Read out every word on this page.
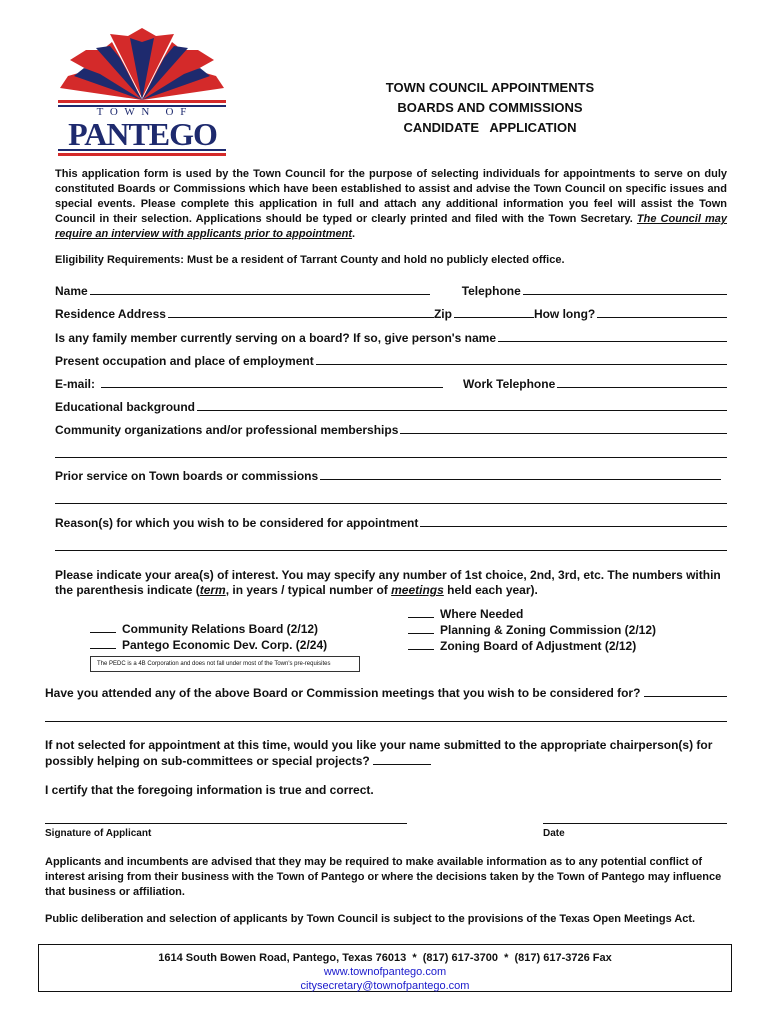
T O W N   O F
PANTEGO
TOWN COUNCIL APPOINTMENTS
BOARDS AND COMMISSIONS
CANDIDATE   APPLICATION
This application form is used by the Town Council for the purpose of selecting individuals for appointments to serve on duly constituted Boards or Commissions which have been established to assist and advise the Town Council on specific issues and special events. Please complete this application in full and attach any additional information you feel will assist the Town Council in their selection. Applications should be typed or clearly printed and filed with the Town Secretary. The Council may require an interview with applicants prior to appointment.
Eligibility Requirements: Must be a resident of Tarrant County and hold no publicly elected office.
Name	Telephone
Residence Address	Zip	How long?
Is any family member currently serving on a board? If so, give person's name
Present occupation and place of employment
E-mail:	Work Telephone
Educational background
Community organizations and/or professional memberships
Prior service on Town boards or commissions
Reason(s) for which you wish to be considered for appointment
Please indicate your area(s) of interest. You may specify any number of 1st choice, 2nd, 3rd, etc. The numbers within the parenthesis indicate (term, in years / typical number of meetings held each year).
Community Relations Board (2/12)
Pantego Economic Dev. Corp. (2/24)
Where Needed
Planning & Zoning Commission (2/12)
Zoning Board of Adjustment (2/12)
The PEDC is a 4B Corporation and does not fall under most of the Town's pre-requisites
Have you attended any of the above Board or Commission meetings that you wish to be considered for?
If not selected for appointment at this time, would you like your name submitted to the appropriate chairperson(s) for possibly helping on sub-committees or special projects?
I certify that the foregoing information is true and correct.
Signature of Applicant	Date
Applicants and incumbents are advised that they may be required to make available information as to any potential conflict of interest arising from their business with the Town of Pantego or where the decisions taken by the Town of Pantego may influence that business or affiliation.
Public deliberation and selection of applicants by Town Council is subject to the provisions of the Texas Open Meetings Act.
1614 South Bowen Road, Pantego, Texas 76013  *  (817) 617-3700  *  (817) 617-3726 Fax
www.townofpantego.com
citysecretary@townofpantego.com
